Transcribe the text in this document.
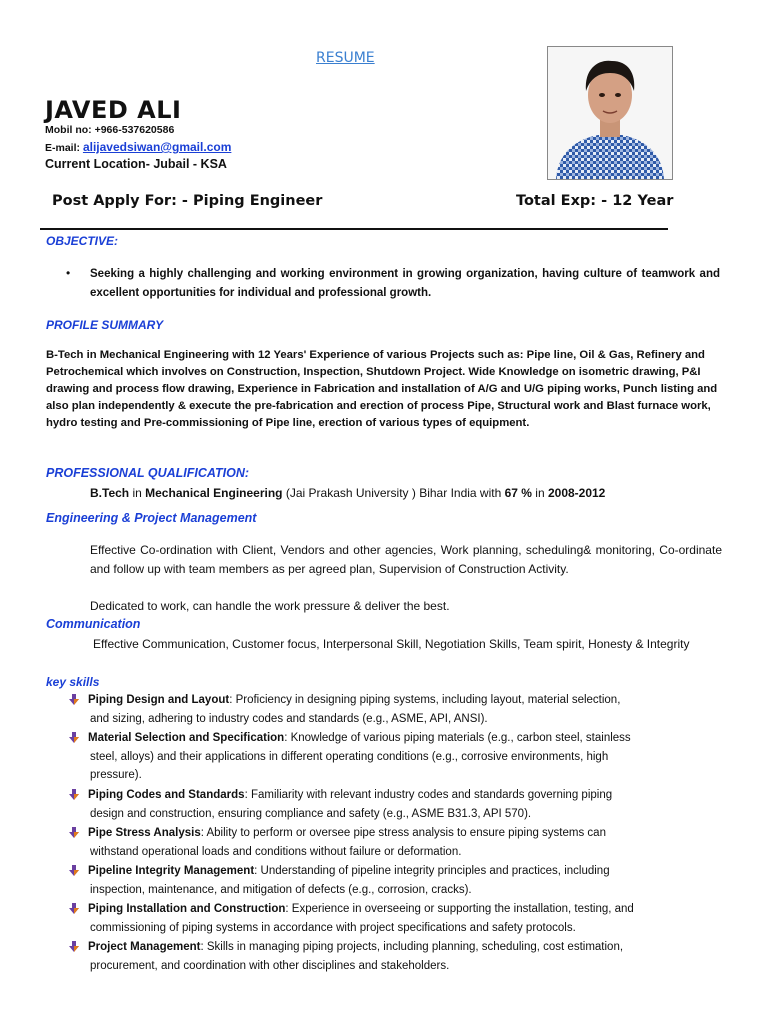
RESUME
JAVED ALI
Mobil no: +966-537620586
E-mail: alijavedsiwan@gmail.com
Current Location- Jubail - KSA
Post Apply For: - Piping Engineer	Total Exp: - 12 Year
OBJECTIVE:
• Seeking a highly challenging and working environment in growing organization, having culture of teamwork and excellent opportunities for individual and professional growth.
PROFILE SUMMARY
B-Tech in Mechanical Engineering with 12 Years' Experience of various Projects such as: Pipe line, Oil & Gas, Refinery and Petrochemical which involves on Construction, Inspection, Shutdown Project. Wide Knowledge on isometric drawing, P&I drawing and process flow drawing, Experience in Fabrication and installation of A/G and U/G piping works, Punch listing and also plan independently & execute the pre-fabrication and erection of process Pipe, Structural work and Blast furnace work, hydro testing and Pre-commissioning of Pipe line, erection of various types of equipment.
PROFESSIONAL QUALIFICATION:
B.Tech in Mechanical Engineering (Jai Prakash University ) Bihar India with 67 % in 2008-2012
Engineering & Project Management
Effective Co-ordination with Client, Vendors and other agencies, Work planning, scheduling& monitoring, Co-ordinate and follow up with team members as per agreed plan, Supervision of Construction Activity.
Dedicated to work, can handle the work pressure & deliver the best.
Communication
Effective Communication, Customer focus, Interpersonal Skill, Negotiation Skills, Team spirit, Honesty & Integrity
key skills
Piping Design and Layout: Proficiency in designing piping systems, including layout, material selection,
and sizing, adhering to industry codes and standards (e.g., ASME, API, ANSI).
Material Selection and Specification: Knowledge of various piping materials (e.g., carbon steel, stainless
steel, alloys) and their applications in different operating conditions (e.g., corrosive environments, high
pressure).
Piping Codes and Standards: Familiarity with relevant industry codes and standards governing piping
design and construction, ensuring compliance and safety (e.g., ASME B31.3, API 570).
Pipe Stress Analysis: Ability to perform or oversee pipe stress analysis to ensure piping systems can
withstand operational loads and conditions without failure or deformation.
Pipeline Integrity Management: Understanding of pipeline integrity principles and practices, including
inspection, maintenance, and mitigation of defects (e.g., corrosion, cracks).
Piping Installation and Construction: Experience in overseeing or supporting the installation, testing, and
commissioning of piping systems in accordance with project specifications and safety protocols.
Project Management: Skills in managing piping projects, including planning, scheduling, cost estimation,
procurement, and coordination with other disciplines and stakeholders.
